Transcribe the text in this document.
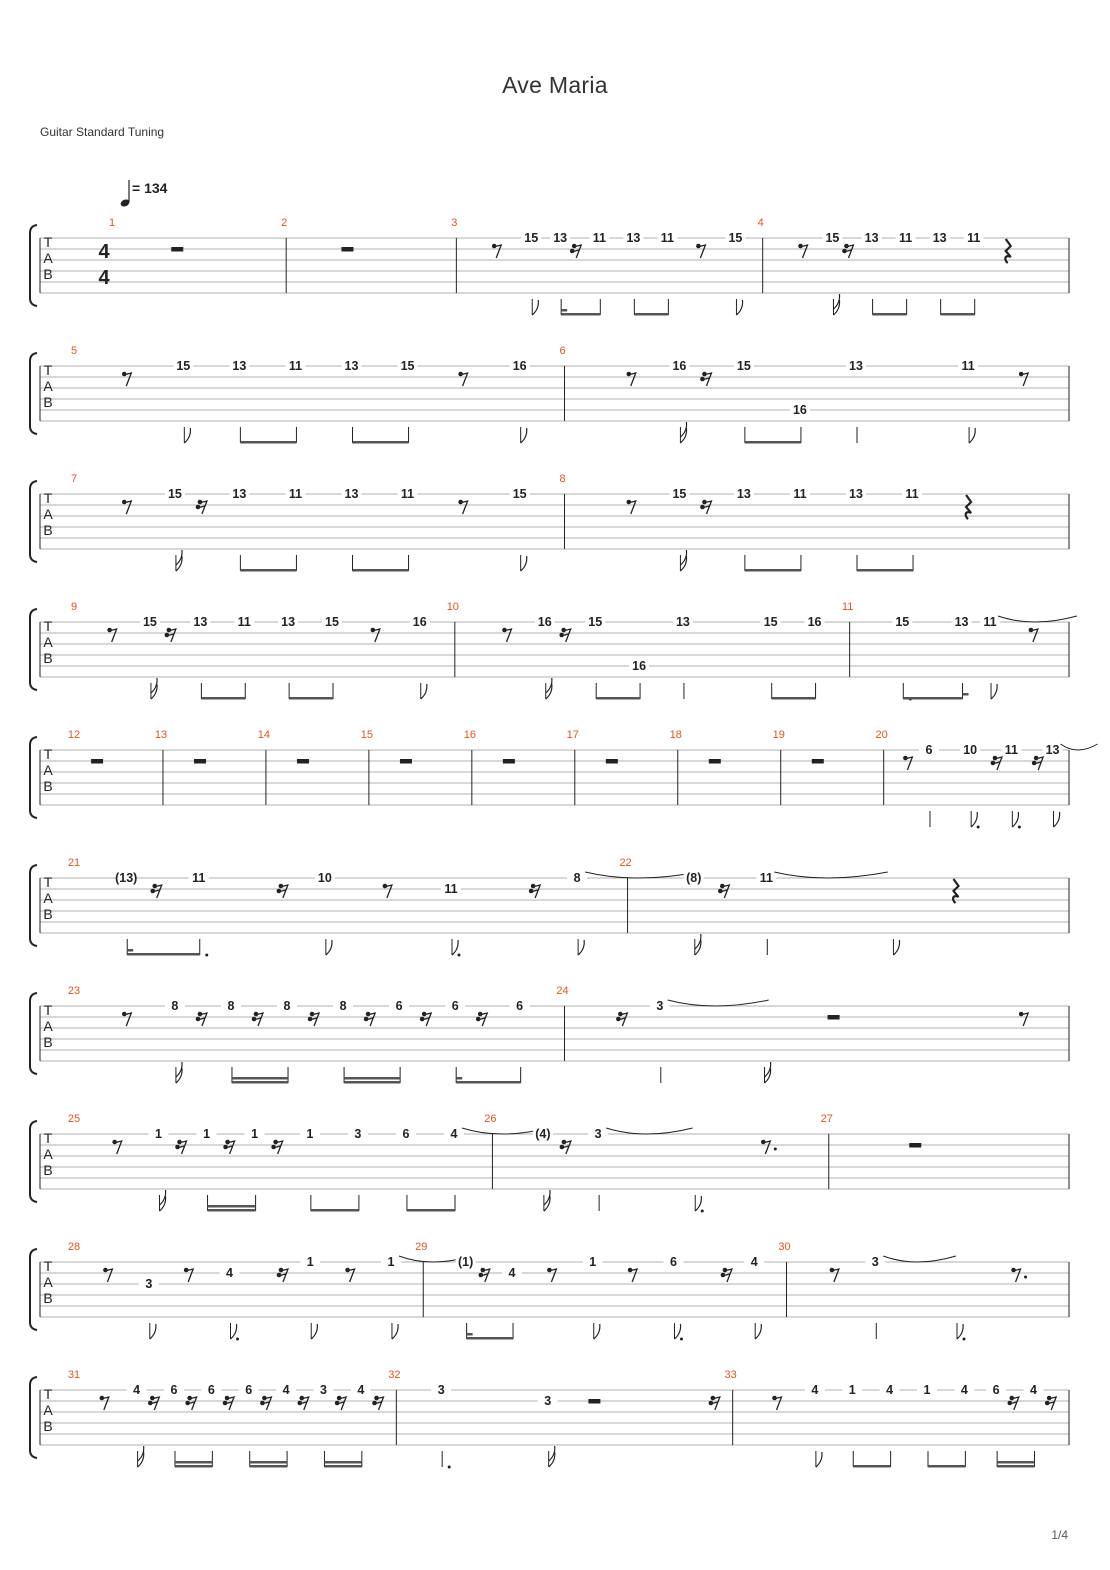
Ave Maria
Guitar Standard Tuning
= 134
T
A
B
4
4
1	2	3
15 13 11 13 11	15
4
15 13 11 13 11
T
A
B
5
15	13	11	13	15	16
6
16	15
16
13	11
T
A
B
7
15	13	11	13	11	15
8
15	13	11	13	11
T
A
B
9
15	13 11 13 15	16
10
16	15
16
13	15 16
11
15	13 11
T
A
B
12	13	14	15	16	17	18	19	20
6 10 11 13
T
A
B
21
(13)	11	10
11
8
22
(8)	11
T
A
B
23
8	8	8	8	6	6	6
24
3
T
A
B
25
1	1	1	1	3	6	4
26
(4)	3
27
T
A
B
28
3
4
1	1
29
(1)
4
1	6	4
30
3
T
A
B
31
4 6 6 6 4 3 4
32
3
3
33
4 1 4 1 4 6 4
1/4
